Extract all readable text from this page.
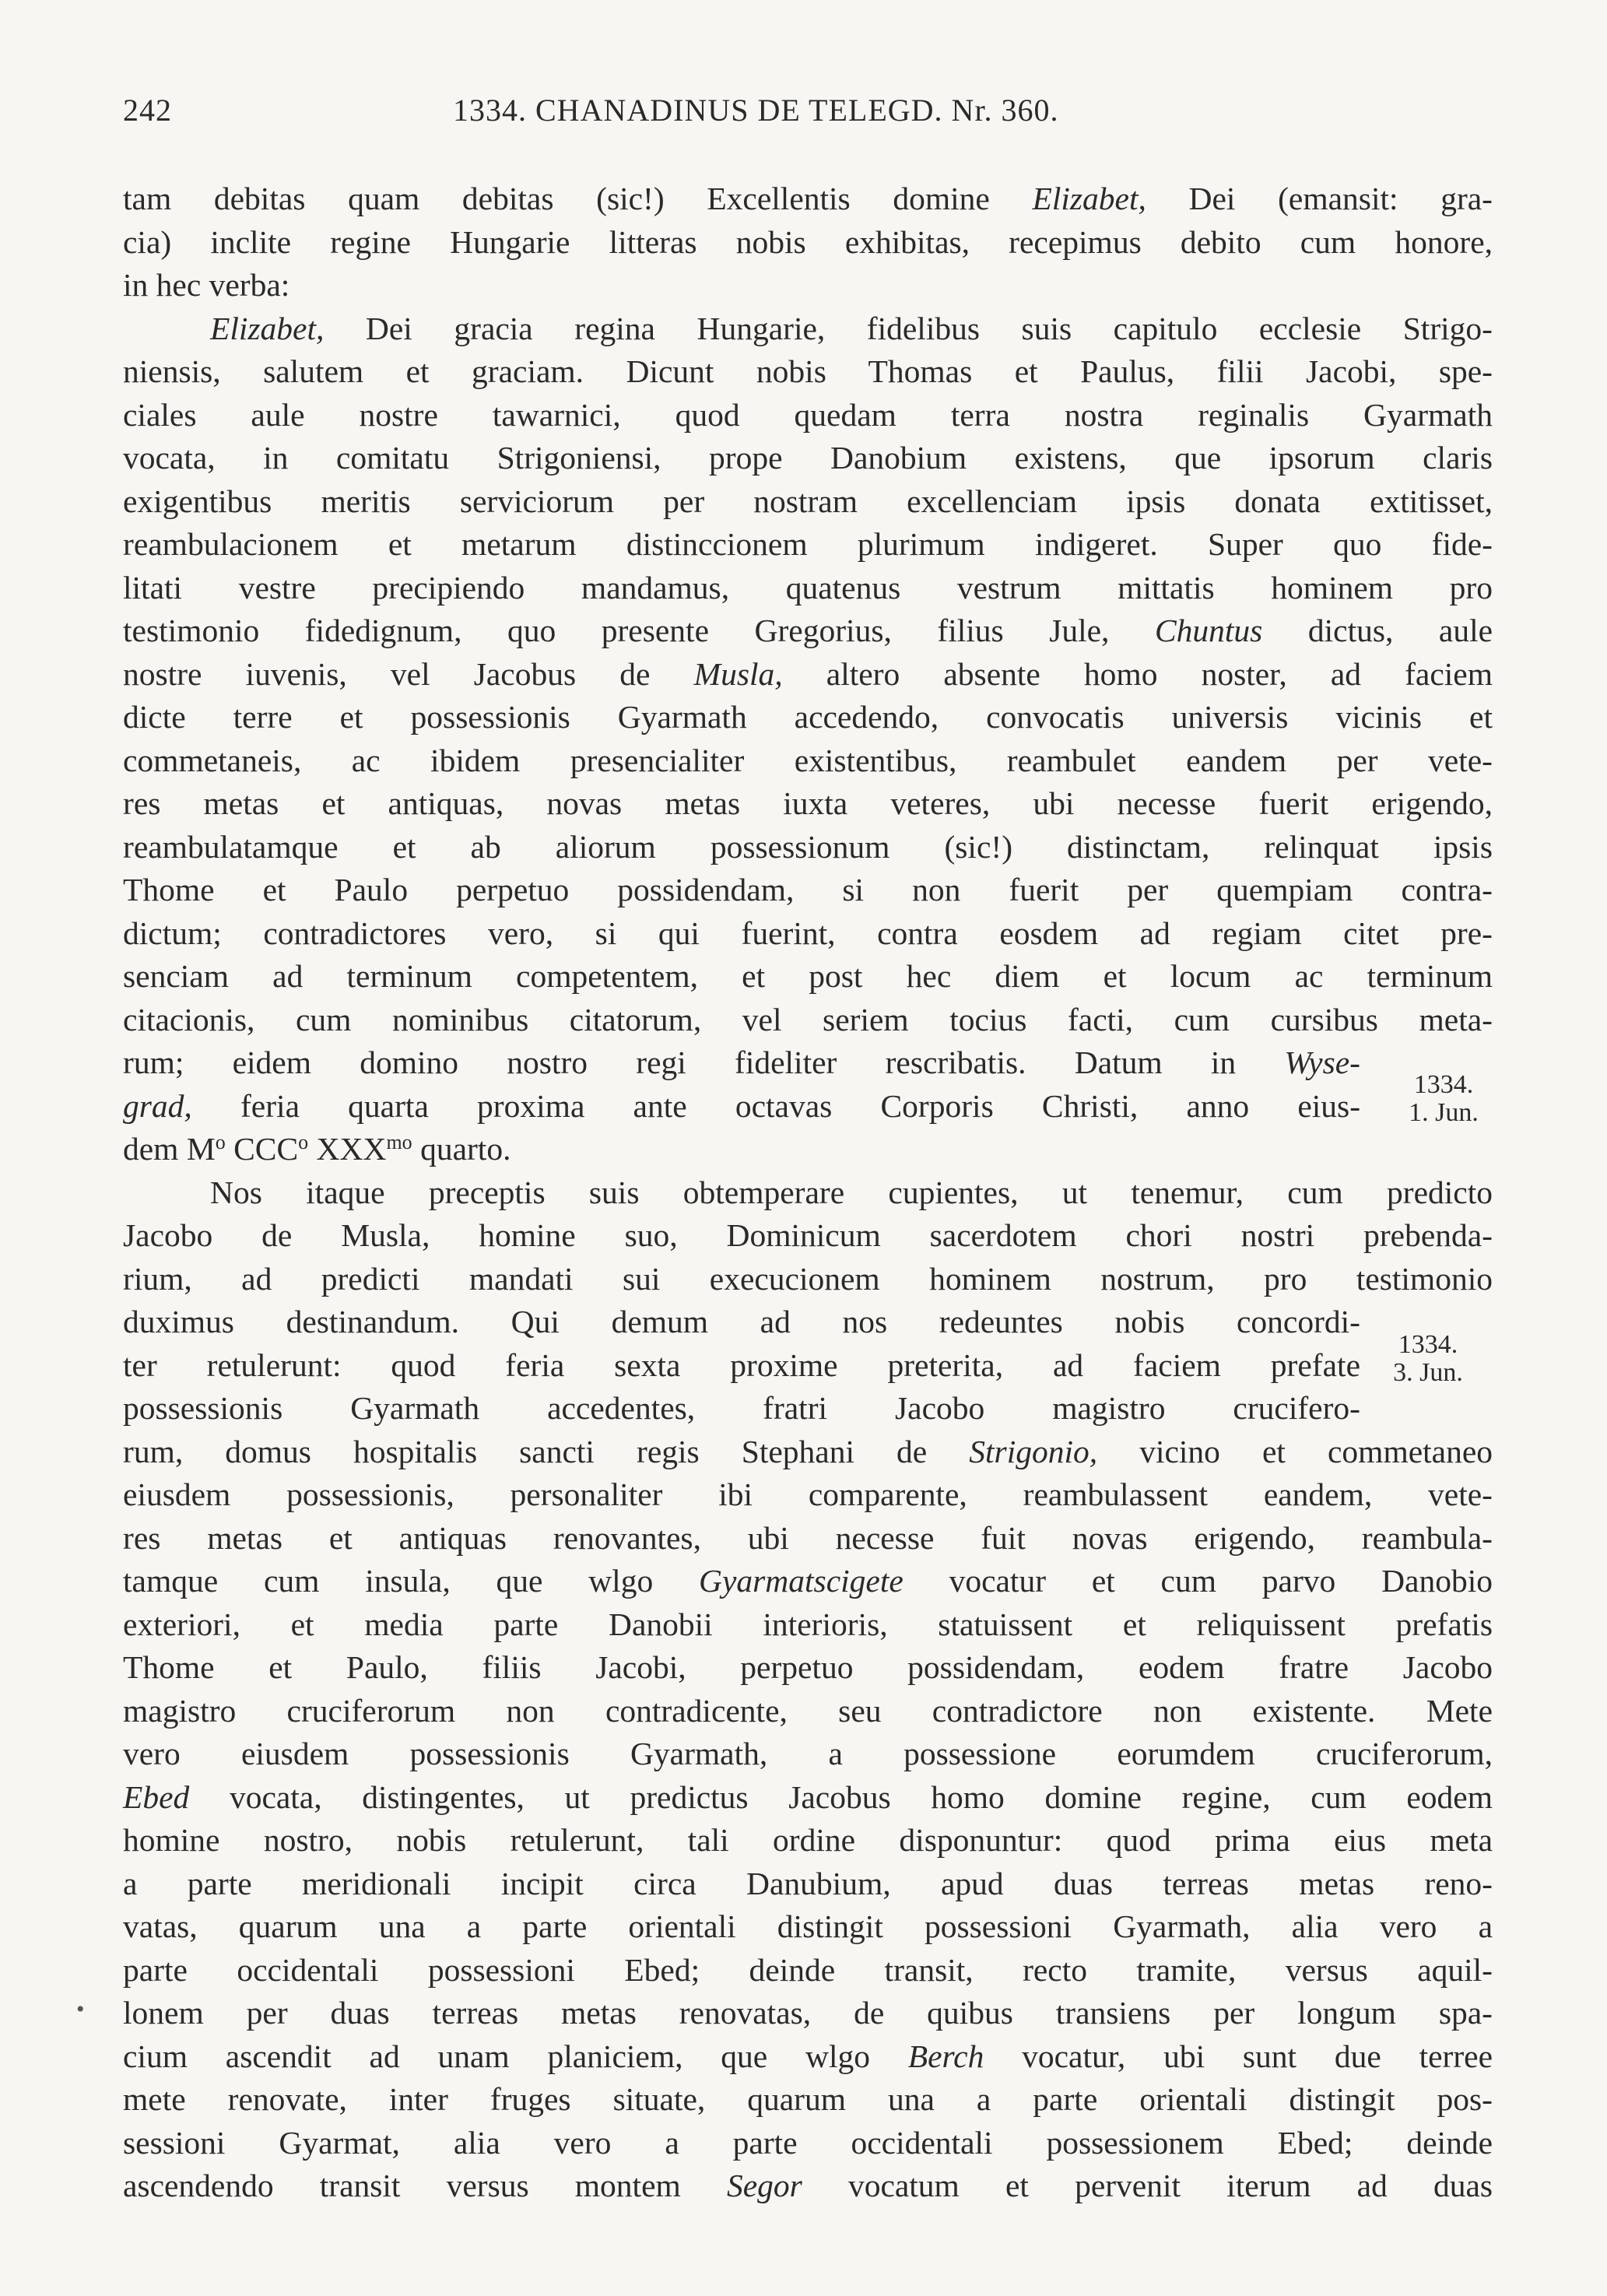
242	1334. CHANADINUS DE TELEGD. Nr. 360.
tam debitas quam debitas (sic!) Excellentis domine Elizabet, Dei (emansit: gra-
cia) inclite regine Hungarie litteras nobis exhibitas, recepimus debito cum honore,
in hec verba:
Elizabet, Dei gracia regina Hungarie, fidelibus suis capitulo ecclesie Strigo-
niensis, salutem et graciam. Dicunt nobis Thomas et Paulus, filii Jacobi, spe-
ciales aule nostre tawarnici, quod quedam terra nostra reginalis Gyarmath
vocata, in comitatu Strigoniensi, prope Danobium existens, que ipsorum claris
exigentibus meritis serviciorum per nostram excellenciam ipsis donata extitisset,
reambulacionem et metarum distinccionem plurimum indigeret. Super quo fide-
litati vestre precipiendo mandamus, quatenus vestrum mittatis hominem pro
testimonio fidedignum, quo presente Gregorius, filius Jule, Chuntus dictus, aule
nostre iuvenis, vel Jacobus de Musla, altero absente homo noster, ad faciem
dicte terre et possessionis Gyarmath accedendo, convocatis universis vicinis et
commetaneis, ac ibidem presencialiter existentibus, reambulet eandem per vete-
res metas et antiquas, novas metas iuxta veteres, ubi necesse fuerit erigendo,
reambulatamque et ab aliorum possessionum (sic!) distinctam, relinquat ipsis
Thome et Paulo perpetuo possidendam, si non fuerit per quempiam contra-
dictum; contradictores vero, si qui fuerint, contra eosdem ad regiam citet pre-
senciam ad terminum competentem, et post hec diem et locum ac terminum
citacionis, cum nominibus citatorum, vel seriem tocius facti, cum cursibus meta-
rum; eidem domino nostro regi fideliter rescribatis. Datum in Wyse-
grad, feria quarta proxima ante octavas Corporis Christi, anno eius-
dem $M^o$ CCC$^o$ $XXX^{mo}$ quarto.
Nos itaque preceptis suis obtemperare cupientes, ut tenemur, cum predicto
Jacobo de Musla, homine suo, Dominicum sacerdotem chori nostri prebenda-
rium, ad predicti mandati sui execucionem hominem nostrum, pro testimonio
duximus destinandum. Qui demum ad nos redeuntes nobis concordi-
ter retulerunt: quod feria sexta proxime preterita, ad faciem prefate
possessionis Gyarmath accedentes, fratri Jacobo magistro crucifero-
rum, domus hospitalis sancti regis Stephani de Strigonio, vicino et commetaneo
eiusdem possessionis, personaliter ibi comparente, reambulassent eandem, vete-
res metas et antiquas renovantes, ubi necesse fuit novas erigendo, reambula-
tamque cum insula, que wlgo Gyarmatscigete vocatur et cum parvo Danobio
exteriori, et media parte Danobii interioris, statuissent et reliquissent prefatis
Thome et Paulo, filiis Jacobi, perpetuo possidendam, eodem fratre Jacobo
magistro cruciferorum non contradicente, seu contradictore non existente. Mete
vero eiusdem possessionis Gyarmath, a possessione eorumdem cruciferorum,
Ebed vocata, distingentes, ut predictus Jacobus homo domine regine, cum eodem
homine nostro, nobis retulerunt, tali ordine disponuntur: quod prima eius meta
a parte meridionali incipit circa Danubium, apud duas terreas metas reno-
vatas, quarum una a parte orientali distingit possessioni Gyarmath, alia vero a
parte occidentali possessioni Ebed; deinde transit, recto tramite, versus aquil-
lonem per duas terreas metas renovatas, de quibus transiens per longum spa-
cium ascendit ad unam planiciem, que wlgo Berch vocatur, ubi sunt due terree
mete renovate, inter fruges situate, quarum una a parte orientali distingit pos-
sessioni Gyarmat, alia vero a parte occidentali possessionem Ebed; deinde
ascendendo transit versus montem Segor vocatum et pervenit iterum ad duas
1334.
1. Jun.
1334.
3. Jun.
•
